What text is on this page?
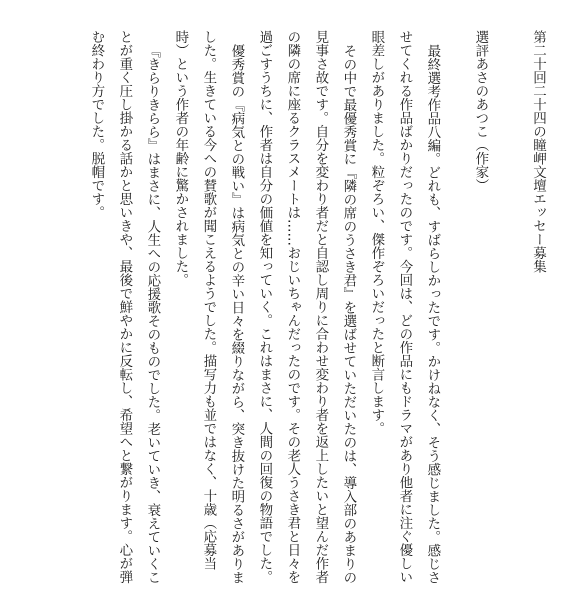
第二十回二十四の瞳岬文壇エッセー募集
選評あさのあつこ（作家）

最終選考作品八編。どれも、すばらしかったです。かけねなく、そう感じました。感じさせてくれる作品ばかりだったのです。今回は、どの作品にもドラマがあり他者に注ぐ優しい眼差しがありました。粒ぞろい、傑作ぞろいだったと断言します。

その中で最優秀賞に『隣の席のうさき君』を選ばせていただいたのは、導入部のあまりの見事さ故です。自分を変わり者だと自認し周りに合わせ変わり者を返上したいと望んだ作者の隣の席に座るクラスメートは……おじいちゃんだったのです。その老人うさき君と日々を過ごすうちに、作者は自分の価値を知っていく。これはまさに、人間の回復の物語でした。

優秀賞の『病気との戦い』は病気との辛い日々を綴りながら、突き抜けた明るさがありました。生きている今への賛歌が聞こえるようでした。描写力も並ではなく、十歳（応募当時）という作者の年齢に驚かされました。

『きらりきらら』はまさに、人生への応援歌そのものでした。老いていき、衰えていくことが重く圧し掛かる話かと思いきや、最後で鮮やかに反転し、希望へと繋がります。心が弾む終わり方でした。脱帽です。
